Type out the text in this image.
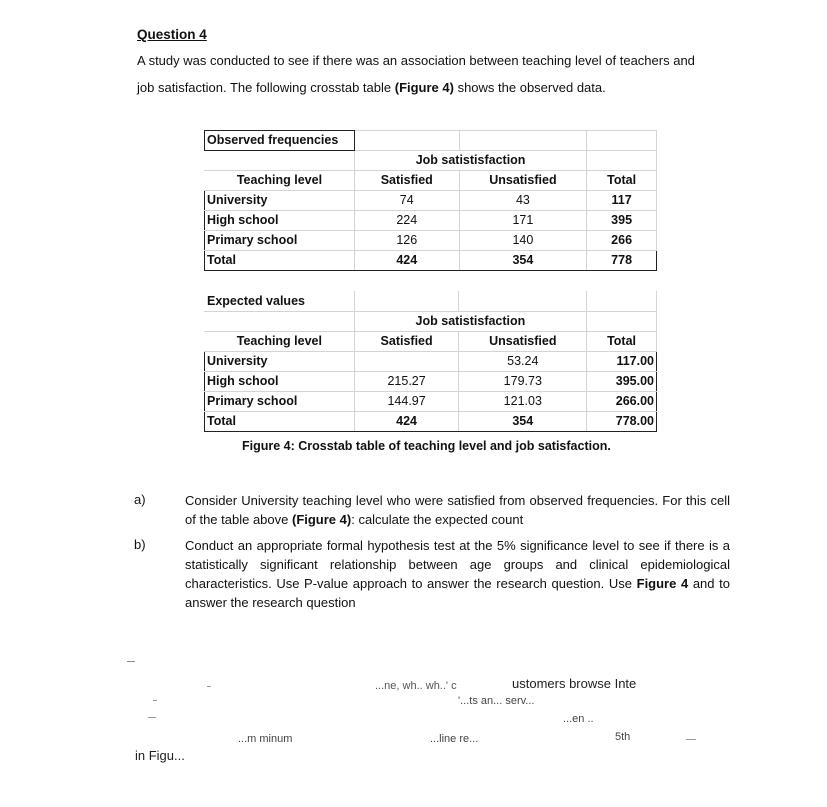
Question 4
A study was conducted to see if there was an association between teaching level of teachers and
job satisfaction. The following crosstab table (Figure 4) shows the observed data.
Observed frequencies			
	Job satistisfaction		
Teaching level	Satisfied	Unsatisfied	Total
University	74	43	117
High school	224	171	395
Primary school	126	140	266
Total	424	354	778
Expected values			
	Job satistisfaction		
Teaching level	Satisfied	Unsatisfied	Total
University		53.24	117.00
High school	215.27	179.73	395.00
Primary school	144.97	121.03	266.00
Total	424	354	778.00
Figure 4: Crosstab table of teaching level and job satisfaction.
a)	Consider University teaching level who were satisfied from observed frequencies. For this cell of the table above (Figure 4): calculate the expected count
b)	Conduct an appropriate formal hypothesis test at the 5% significance level to see if there is a statistically significant relationship between age groups and clinical epidemiological characteristics. Use P-value approach to answer the research question. Use Figure 4 and to answer the research question
...ne, wh.. wh..' c	ustomers browse Inte
'...ts an... serv...
...m minum	...line re...
...en ..
5th
in Figu...
